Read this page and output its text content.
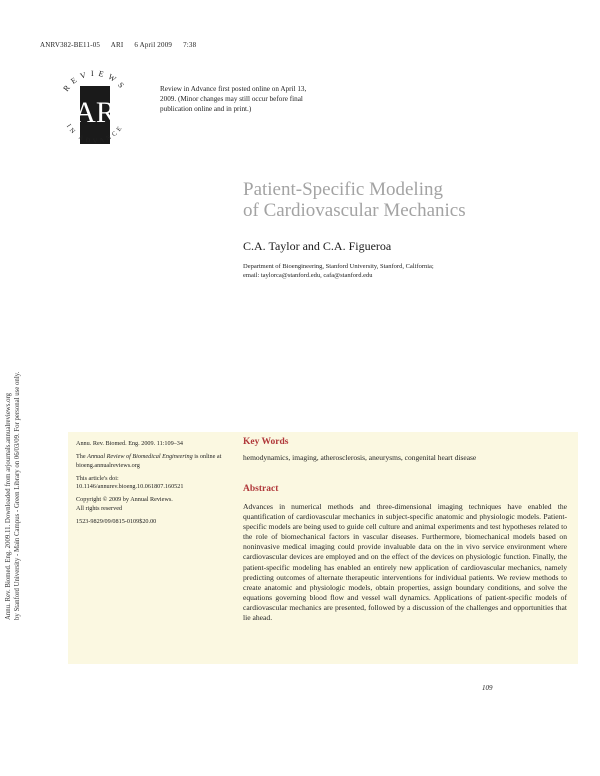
ANRV382-BE11-05 ARI 6 April 2009 7:38
REVIEWS
AR
IN ADVANCE
Review in Advance first posted online on April 13, 2009. (Minor changes may still occur before final publication online and in print.)
Patient-Specific Modeling
of Cardiovascular Mechanics
C.A. Taylor and C.A. Figueroa
Department of Bioengineering, Stanford University, Stanford, California;
email: taylorca@stanford.edu, cafa@stanford.edu
Annu. Rev. Biomed. Eng. 2009.11. Downloaded from arjournals.annualreviews.org by Stanford University - Main Campus - Green Library on 06/03/09. For personal use only.	Annu. Rev. Biomed. Eng. 2009. 11:109–34

The Annual Review of Biomedical Engineering is online at bioeng.annualreviews.org

This article's doi:
10.1146/annurev.bioeng.10.061807.160521

Copyright © 2009 by Annual Reviews.
All rights reserved

1523-9829/09/0815-0109$20.00

Key Words
hemodynamics, imaging, atherosclerosis, aneurysms, congenital heart disease
Abstract

Advances in numerical methods and three-dimensional imaging techniques have enabled the quantification of cardiovascular mechanics in subject-specific anatomic and physiologic models. Patient-specific models are being used to guide cell culture and animal experiments and test hypotheses related to the role of biomechanical factors in vascular diseases. Furthermore, biomechanical models based on noninvasive medical imaging could provide invaluable data on the in vivo service environment where cardiovascular devices are employed and on the effect of the devices on physiologic function. Finally, the patient-specific modeling has enabled an entirely new application of cardiovascular mechanics, namely predicting outcomes of alternate therapeutic interventions for individual patients. We review methods to create anatomic and physiologic models, obtain properties, assign boundary conditions, and solve the equations governing blood flow and vessel wall dynamics. Applications of patient-specific models of cardiovascular mechanics are presented, followed by a discussion of the challenges and opportunities that lie ahead.

109
